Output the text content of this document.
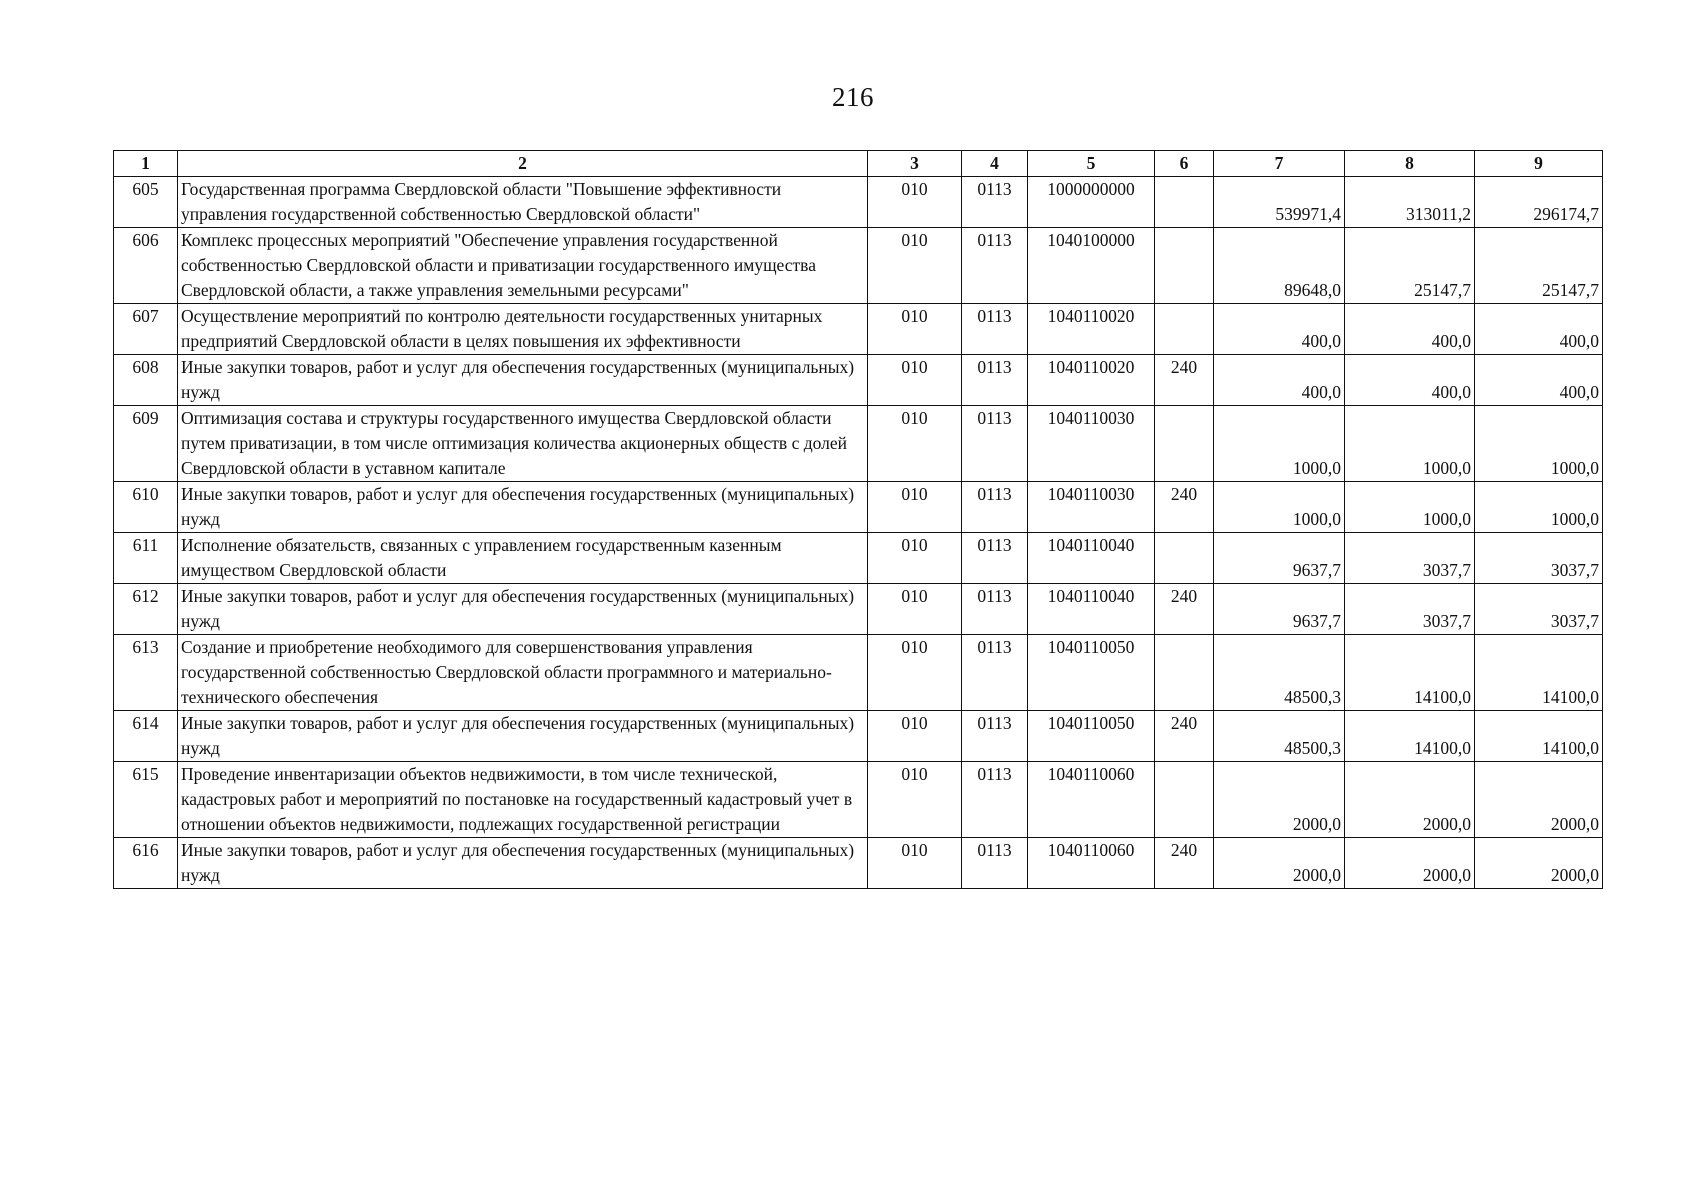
216
1	2	3	4	5	6	7	8	9
605	Государственная программа Свердловской области "Повышение эффективности управления государственной собственностью Свердловской области"	010	0113	1000000000		539971,4	313011,2	296174,7
606	Комплекс процессных мероприятий "Обеспечение управления государственной собственностью Свердловской области и приватизации государственного имущества Свердловской области, а также управления земельными ресурсами"	010	0113	1040100000		89648,0	25147,7	25147,7
607	Осуществление мероприятий по контролю деятельности государственных унитарных предприятий Свердловской области в целях повышения их эффективности	010	0113	1040110020		400,0	400,0	400,0
608	Иные закупки товаров, работ и услуг для обеспечения государственных (муниципальных) нужд	010	0113	1040110020	240	400,0	400,0	400,0
609	Оптимизация состава и структуры государственного имущества Свердловской области путем приватизации, в том числе оптимизация количества акционерных обществ с долей Свердловской области в уставном капитале	010	0113	1040110030		1000,0	1000,0	1000,0
610	Иные закупки товаров, работ и услуг для обеспечения государственных (муниципальных) нужд	010	0113	1040110030	240	1000,0	1000,0	1000,0
611	Исполнение обязательств, связанных с управлением государственным казенным имуществом Свердловской области	010	0113	1040110040		9637,7	3037,7	3037,7
612	Иные закупки товаров, работ и услуг для обеспечения государственных (муниципальных) нужд	010	0113	1040110040	240	9637,7	3037,7	3037,7
613	Создание и приобретение необходимого для совершенствования управления государственной собственностью Свердловской области программного и материально-технического обеспечения	010	0113	1040110050		48500,3	14100,0	14100,0
614	Иные закупки товаров, работ и услуг для обеспечения государственных (муниципальных) нужд	010	0113	1040110050	240	48500,3	14100,0	14100,0
615	Проведение инвентаризации объектов недвижимости, в том числе технической, кадастровых работ и мероприятий по постановке на государственный кадастровый учет в отношении объектов недвижимости, подлежащих государственной регистрации	010	0113	1040110060		2000,0	2000,0	2000,0
616	Иные закупки товаров, работ и услуг для обеспечения государственных (муниципальных) нужд	010	0113	1040110060	240	2000,0	2000,0	2000,0
